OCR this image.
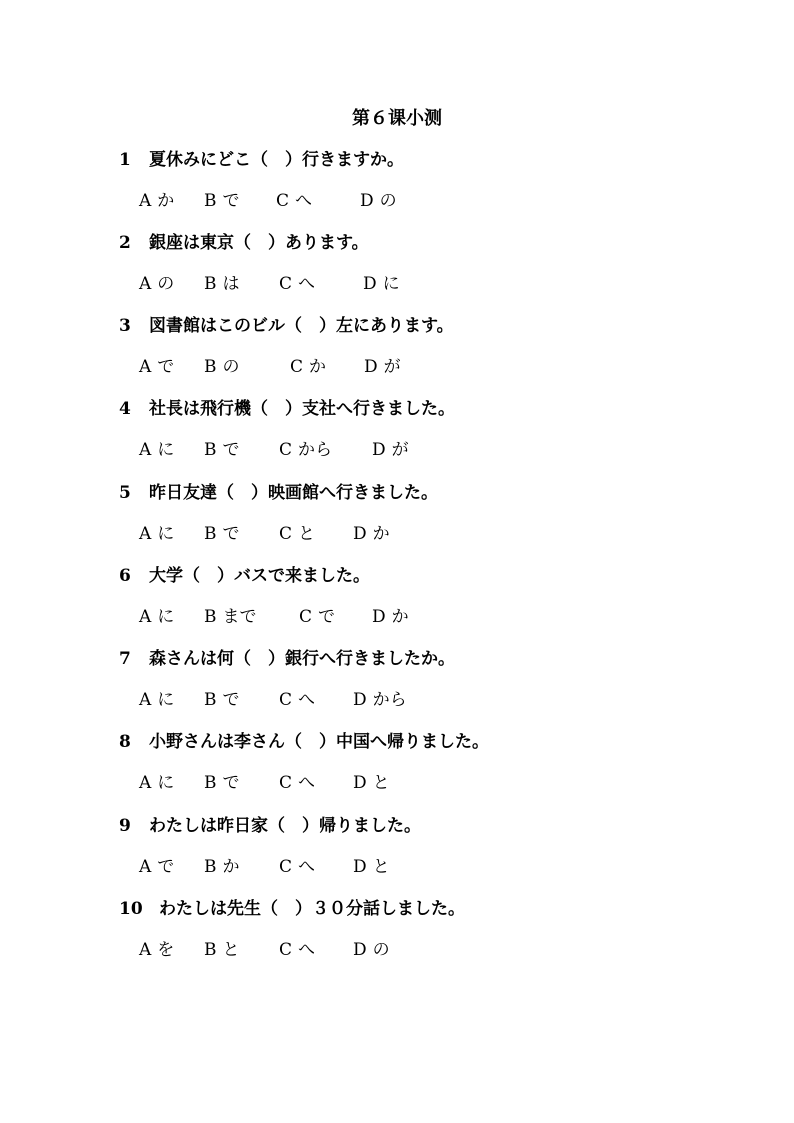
第６课小测
1 夏休みにどこ（　）行きますか。
A か B で C へ	D の
2 銀座は東京（　）あります。
A の B は C へ	D に
3 図書館はこのビル（　）左にあります。
A で B の	C か D が
4 社長は飛行機（　）支社へ行きました。
A に B で C から D が
5 昨日友達（　）映画館へ行きました。
A に B で C と D か
6 大学（　）バスで来ました。
A に B まで	C で D か
7 森さんは何（　）銀行へ行きましたか。
A に B で C へ D から
8 小野さんは李さん（　）中国へ帰りました。
A に B で C へ D と
9 わたしは昨日家（　）帰りました。
A で B か C へ D と
10 わたしは先生（　）３０分話しました。
A を B と C へ D の
